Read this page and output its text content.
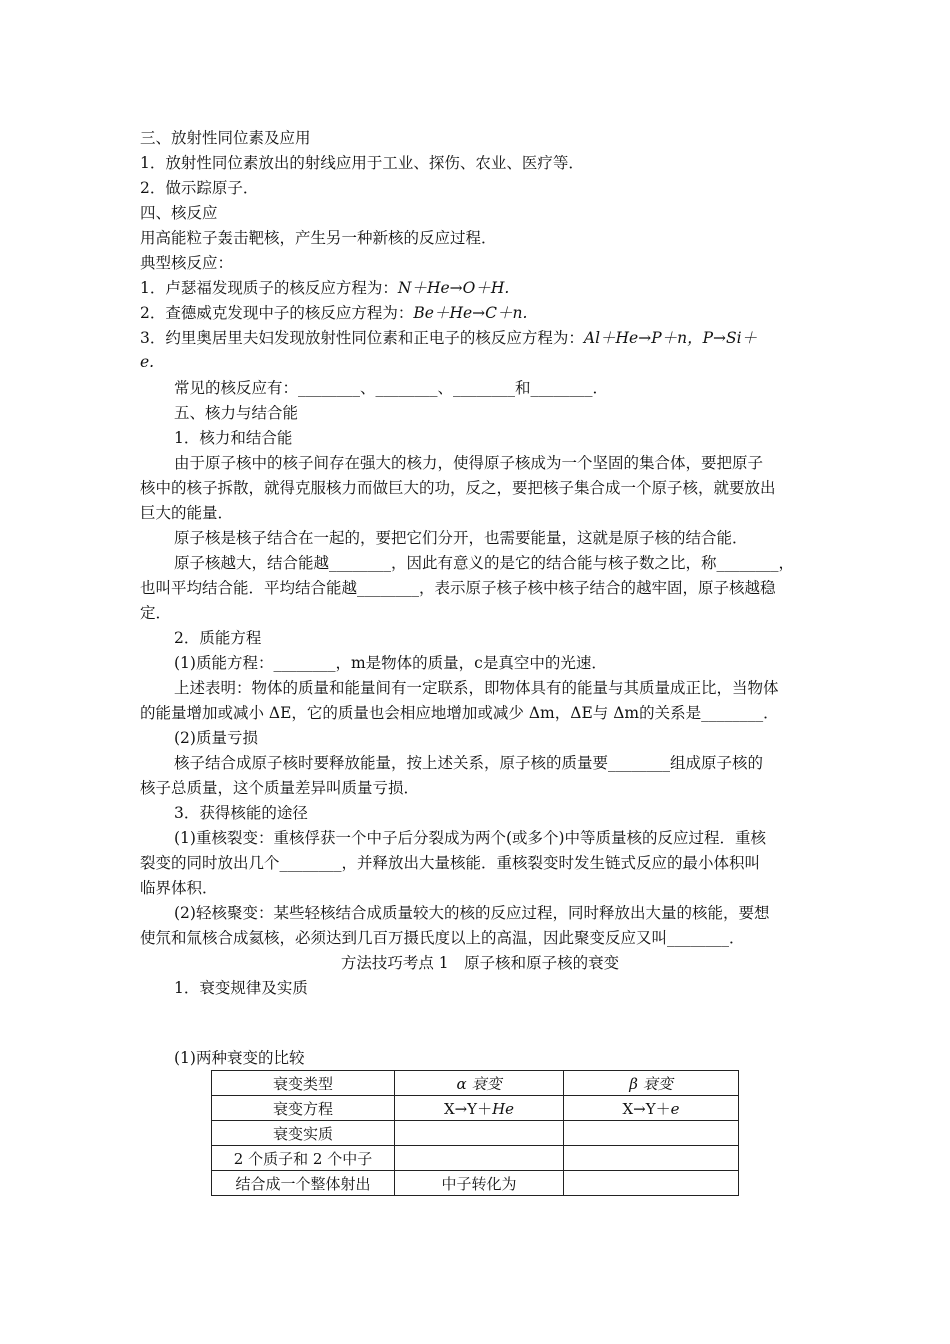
三、放射性同位素及应用
1．放射性同位素放出的射线应用于工业、探伤、农业、医疗等．
2．做示踪原子．
四、核反应
用高能粒子轰击靶核，产生另一种新核的反应过程．
典型核反应：
1．卢瑟福发现质子的核反应方程为：N＋He→O＋H.
2．查德威克发现中子的核反应方程为：Be＋He→C＋n.
3．约里奥居里夫妇发现放射性同位素和正电子的核反应方程为：Al＋He→P＋n，P→Si＋
e.
常见的核反应有：________、________、________和________．
五、核力与结合能
1．核力和结合能
由于原子核中的核子间存在强大的核力，使得原子核成为一个坚固的集合体，要把原子
核中的核子拆散，就得克服核力而做巨大的功，反之，要把核子集合成一个原子核，就要放出
巨大的能量．
原子核是核子结合在一起的，要把它们分开，也需要能量，这就是原子核的结合能．
原子核越大，结合能越________，因此有意义的是它的结合能与核子数之比，称________，
也叫平均结合能．平均结合能越________，表示原子核子核中核子结合的越牢固，原子核越稳
定．
2．质能方程
(1)质能方程：________，m是物体的质量，c是真空中的光速．
上述表明：物体的质量和能量间有一定联系，即物体具有的能量与其质量成正比，当物体
的能量增加或减小 ΔE，它的质量也会相应地增加或减少 Δm，ΔE与 Δm的关系是________．
(2)质量亏损
核子结合成原子核时要释放能量，按上述关系，原子核的质量要________组成原子核的
核子总质量，这个质量差异叫质量亏损．
3．获得核能的途径
(1)重核裂变：重核俘获一个中子后分裂成为两个(或多个)中等质量核的反应过程．重核
裂变的同时放出几个________，并释放出大量核能．重核裂变时发生链式反应的最小体积叫
临界体积．
(2)轻核聚变：某些轻核结合成质量较大的核的反应过程，同时释放出大量的核能，要想
使氘和氚核合成氦核，必须达到几百万摄氏度以上的高温，因此聚变反应又叫________．
方法技巧考点 1　原子核和原子核的衰变
1．衰变规律及实质
(1)两种衰变的比较
衰变类型	α 衰变	β 衰变
衰变方程	X→Y＋He	X→Y＋e
衰变实质		
2 个质子和 2 个中子		
结合成一个整体射出	中子转化为	
